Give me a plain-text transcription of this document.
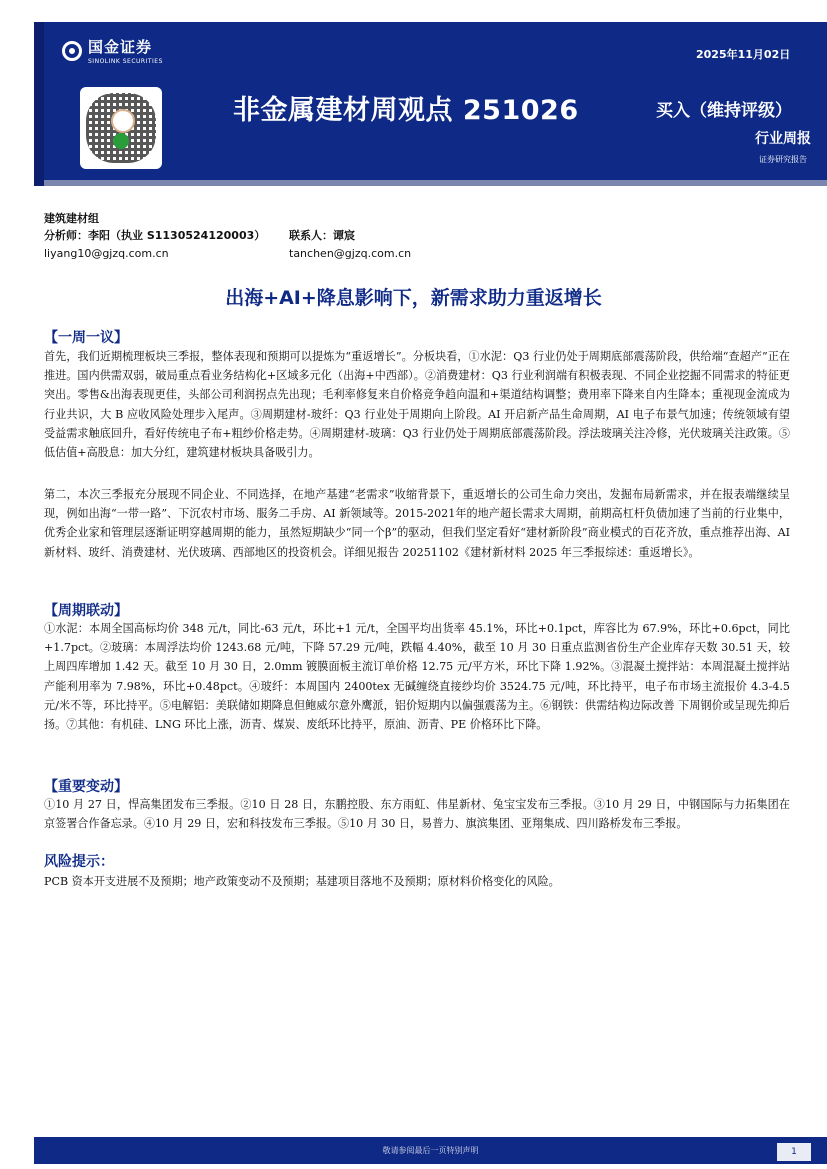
国金证券
SINOLINK SECURITIES
2025年11月02日
非金属建材周观点 251026	买入（维持评级）
行业周报
证券研究报告
建筑建材组
分析师：李阳（执业 S1130524120003） 联系人：谭宸
liyang10@gjzq.com.cn	tanchen@gjzq.com.cn
出海+AI+降息影响下，新需求助力重返增长
【一周一议】
首先，我们近期梳理板块三季报，整体表现和预期可以提炼为“重返增长”。分板块看，①水泥：Q3 行业仍处于周期底部震荡阶段，供给端“查超产”正在推进。国内供需双弱，破局重点看业务结构化+区域多元化（出海+中西部）。②消费建材：Q3 行业利润端有积极表现、不同企业挖掘不同需求的特征更突出。零售&出海表现更佳，头部公司利润拐点先出现；毛利率修复来自价格竞争趋向温和+渠道结构调整；费用率下降来自内生降本；重视现金流成为行业共识，大 B 应收风险处理步入尾声。③周期建材-玻纤：Q3 行业处于周期向上阶段。AI 开启新产品生命周期，AI 电子布景气加速；传统领域有望受益需求触底回升，看好传统电子布+粗纱价格走势。④周期建材-玻璃：Q3 行业仍处于周期底部震荡阶段。浮法玻璃关注冷修，光伏玻璃关注政策。⑤低估值+高股息：加大分红，建筑建材板块具备吸引力。
第二，本次三季报充分展现不同企业、不同选择，在地产基建“老需求”收缩背景下，重返增长的公司生命力突出，发掘布局新需求，并在报表端继续呈现，例如出海“一带一路”、下沉农村市场、服务二手房、AI 新领域等。2015-2021年的地产超长需求大周期，前期高杠杆负债加速了当前的行业集中，优秀企业家和管理层逐渐证明穿越周期的能力，虽然短期缺少“同一个β”的驱动，但我们坚定看好“建材新阶段”商业模式的百花齐放，重点推荐出海、AI 新材料、玻纤、消费建材、光伏玻璃、西部地区的投资机会。详细见报告 20251102《建材新材料 2025 年三季报综述：重返增长》。
【周期联动】
①水泥：本周全国高标均价 348 元/t，同比-63 元/t，环比+1 元/t，全国平均出货率 45.1%，环比+0.1pct，库容比为 67.9%，环比+0.6pct，同比+1.7pct。②玻璃：本周浮法均价 1243.68 元/吨，下降 57.29 元/吨，跌幅 4.40%，截至 10 月 30 日重点监测省份生产企业库存天数 30.51 天，较上周四库增加 1.42 天。截至 10 月 30 日，2.0mm 镀膜面板主流订单价格 12.75 元/平方米，环比下降 1.92%。③混凝土搅拌站：本周混凝土搅拌站产能利用率为 7.98%，环比+0.48pct。④玻纤：本周国内 2400tex 无碱缠绕直接纱均价 3524.75 元/吨，环比持平，电子布市场主流报价 4.3-4.5 元/米不等，环比持平。⑤电解铝：美联储如期降息但鲍威尔意外鹰派，铝价短期内以偏强震荡为主。⑥钢铁：供需结构边际改善 下周钢价或呈现先抑后扬。⑦其他：有机硅、LNG 环比上涨，沥青、煤炭、废纸环比持平，原油、沥青、PE 价格环比下降。
【重要变动】
①10 月 27 日，悍高集团发布三季报。②10 日 28 日，东鹏控股、东方雨虹、伟星新材、兔宝宝发布三季报。③10 月 29 日，中钢国际与力拓集团在京签署合作备忘录。④10 月 29 日，宏和科技发布三季报。⑤10 月 30 日，易普力、旗滨集团、亚翔集成、四川路桥发布三季报。
风险提示：
PCB 资本开支进展不及预期；地产政策变动不及预期；基建项目落地不及预期；原材料价格变化的风险。
敬请参阅最后一页特别声明	1
